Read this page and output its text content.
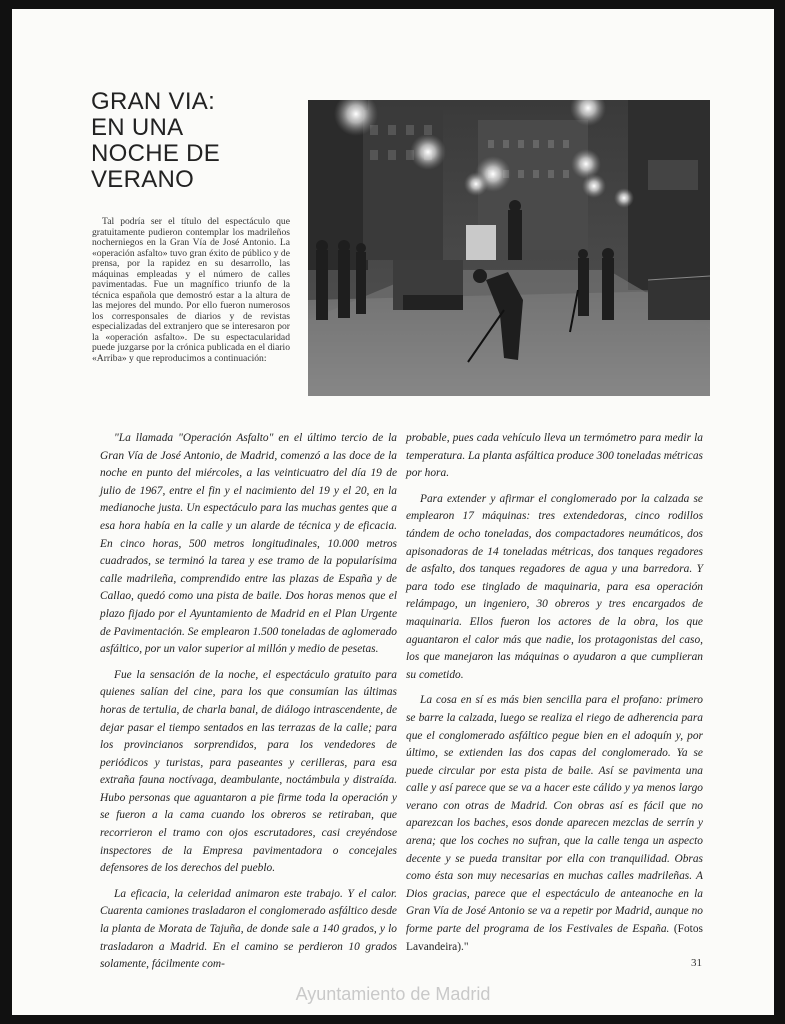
GRAN VIA:
EN UNA
NOCHE DE
VERANO
Tal podría ser el título del espectáculo que gratuitamente pudieron contemplar los madrileños nocherniegos en la Gran Vía de José Antonio. La «operación asfalto» tuvo gran éxito de público y de prensa, por la rapidez en su desarrollo, las máquinas empleadas y el número de calles pavimentadas. Fue un magnífico triunfo de la técnica española que demostró estar a la altura de las mejores del mundo. Por ello fueron numerosos los corresponsales de diarios y de revistas especializadas del extranjero que se interesaron por la «operación asfalto». De su espectacularidad puede juzgarse por la crónica publicada en el diario «Arriba» y que reproducimos a continuación:

"La llamada "Operación Asfalto" en el último tercio de la Gran Vía de José Antonio, de Madrid, comenzó a las doce de la noche en punto del miércoles, a las veinticuatro del día 19 de julio de 1967, entre el fin y el nacimiento del 19 y el 20, en la medianoche justa. Un espectáculo para las muchas gentes que a esa hora había en la calle y un alarde de técnica y de eficacia. En cinco horas, 500 metros longitudinales, 10.000 metros cuadrados, se terminó la tarea y ese tramo de la popularísima calle madrileña, comprendido entre las plazas de España y de Callao, quedó como una pista de baile. Dos horas menos que el plazo fijado por el Ayuntamiento de Madrid en el Plan Urgente de Pavimentación. Se emplearon 1.500 toneladas de aglomerado asfáltico, por un valor superior al millón y medio de pesetas.

Fue la sensación de la noche, el espectáculo gratuito para quienes salían del cine, para los que consumían las últimas horas de tertulia, de charla banal, de diálogo intrascendente, de dejar pasar el tiempo sentados en las terrazas de la calle; para los provincianos sorprendidos, para los vendedores de periódicos y turistas, para paseantes y cerilleras, para esa extraña fauna noctívaga, deambulante, noctámbula y distraída. Hubo personas que aguantaron a pie firme toda la operación y se fueron a la cama cuando los obreros se retiraban, que recorrieron el tramo con ojos escrutadores, casi creyéndose inspectores de la Empresa pavimentadora o concejales defensores de los derechos del pueblo.

La eficacia, la celeridad animaron este trabajo. Y el calor. Cuarenta camiones trasladaron el conglomerado asfáltico desde la planta de Morata de Tajuña, de donde sale a 140 grados, y lo trasladaron a Madrid. En el camino se perdieron 10 grados solamente, fácilmente com-

probable, pues cada vehículo lleva un termómetro para medir la temperatura. La planta asfáltica produce 300 toneladas métricas por hora.

Para extender y afirmar el conglomerado por la calzada se emplearon 17 máquinas: tres extendedoras, cinco rodillos tándem de ocho toneladas, dos compactadores neumáticos, dos apisonadoras de 14 toneladas métricas, dos tanques regadores de asfalto, dos tanques regadores de agua y una barredora. Y para todo ese tinglado de maquinaria, para esa operación relámpago, un ingeniero, 30 obreros y tres encargados de maquinaria. Ellos fueron los actores de la obra, los que aguantaron el calor más que nadie, los protagonistas del caso, los que manejaron las máquinas o ayudaron a que cumplieran su cometido.

La cosa en sí es más bien sencilla para el profano: primero se barre la calzada, luego se realiza el riego de adherencia para que el conglomerado asfáltico pegue bien en el adoquín y, por último, se extienden las dos capas del conglomerado. Ya se puede circular por esta pista de baile. Así se pavimenta una calle y así parece que se va a hacer este cálido y ya menos largo verano con otras de Madrid. Con obras así es fácil que no aparezcan los baches, esos donde aparecen mezclas de serrín y arena; que los coches no sufran, que la calle tenga un aspecto decente y se pueda transitar por ella con tranquilidad. Obras como ésta son muy necesarias en muchas calles madrileñas. A Dios gracias, parece que el espectáculo de anteanoche en la Gran Vía de José Antonio se va a repetir por Madrid, aunque no forme parte del programa de los Festivales de España. (Fotos Lavandeira)."

31
Ayuntamiento de Madrid
